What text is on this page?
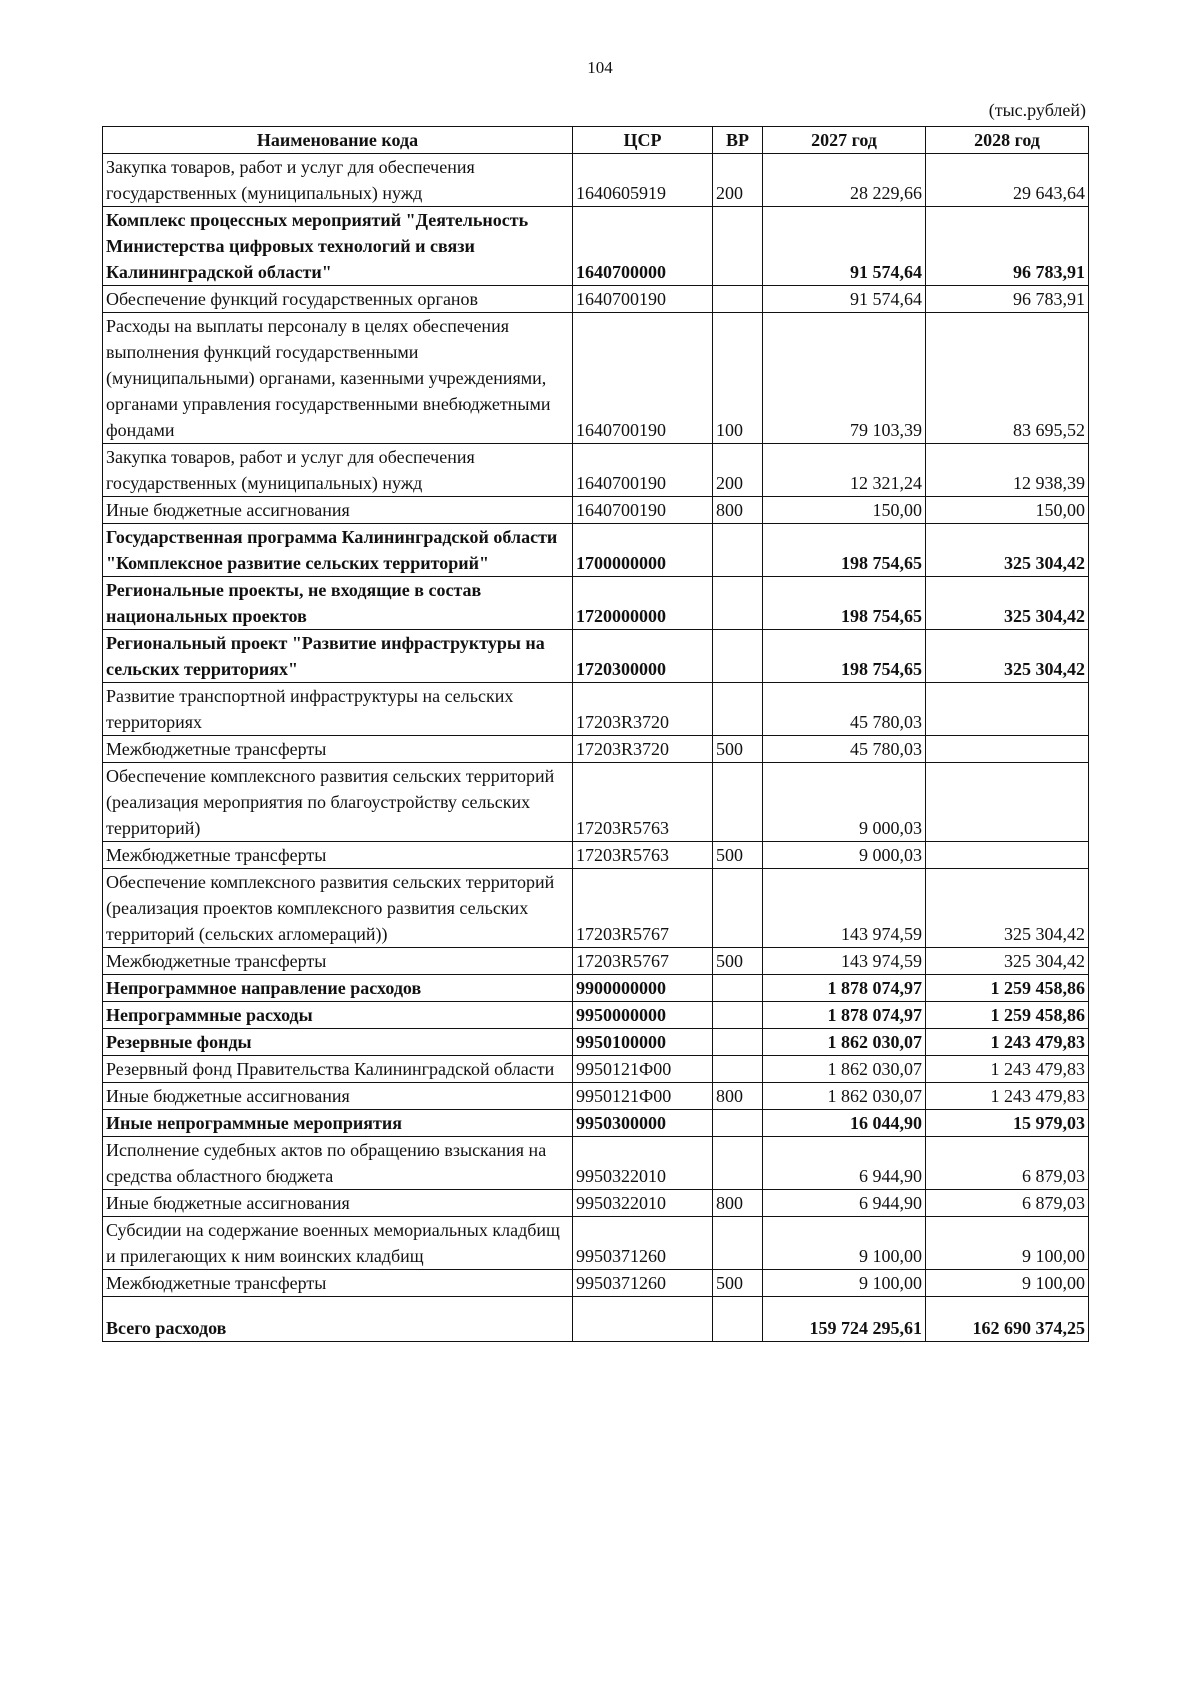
104
(тыс.рублей)
Наименование кода	ЦСР	ВР	2027 год	2028 год
Закупка товаров, работ и услуг для обеспечения государственных (муниципальных) нужд	1640605919	200	28 229,66	29 643,64
Комплекс процессных мероприятий "Деятельность Министерства цифровых технологий и связи Калининградской области"	1640700000		91 574,64	96 783,91
Обеспечение функций государственных органов	1640700190		91 574,64	96 783,91
Расходы на выплаты персоналу в целях обеспечения выполнения функций государственными (муниципальными) органами, казенными учреждениями, органами управления государственными внебюджетными фондами	1640700190	100	79 103,39	83 695,52
Закупка товаров, работ и услуг для обеспечения государственных (муниципальных) нужд	1640700190	200	12 321,24	12 938,39
Иные бюджетные ассигнования	1640700190	800	150,00	150,00
Государственная программа Калининградской области "Комплексное развитие сельских территорий"	1700000000		198 754,65	325 304,42
Региональные проекты, не входящие в состав национальных проектов	1720000000		198 754,65	325 304,42
Региональный проект "Развитие инфраструктуры на сельских территориях"	1720300000		198 754,65	325 304,42
Развитие транспортной инфраструктуры на сельских территориях	17203R3720		45 780,03	
Межбюджетные трансферты	17203R3720	500	45 780,03	
Обеспечение комплексного развития сельских территорий (реализация мероприятия по благоустройству сельских территорий)	17203R5763		9 000,03	
Межбюджетные трансферты	17203R5763	500	9 000,03	
Обеспечение комплексного развития сельских территорий (реализация проектов комплексного развития сельских территорий (сельских агломераций))	17203R5767		143 974,59	325 304,42
Межбюджетные трансферты	17203R5767	500	143 974,59	325 304,42
Непрограммное направление расходов	9900000000		1 878 074,97	1 259 458,86
Непрограммные расходы	9950000000		1 878 074,97	1 259 458,86
Резервные фонды	9950100000		1 862 030,07	1 243 479,83
Резервный фонд Правительства Калининградской области	9950121Ф00		1 862 030,07	1 243 479,83
Иные бюджетные ассигнования	9950121Ф00	800	1 862 030,07	1 243 479,83
Иные непрограммные мероприятия	9950300000		16 044,90	15 979,03
Исполнение судебных актов по обращению взыскания на средства областного бюджета	9950322010		6 944,90	6 879,03
Иные бюджетные ассигнования	9950322010	800	6 944,90	6 879,03
Субсидии на содержание военных мемориальных кладбищ и прилегающих к ним воинских кладбищ	9950371260		9 100,00	9 100,00
Межбюджетные трансферты	9950371260	500	9 100,00	9 100,00
Всего расходов			159 724 295,61	162 690 374,25
